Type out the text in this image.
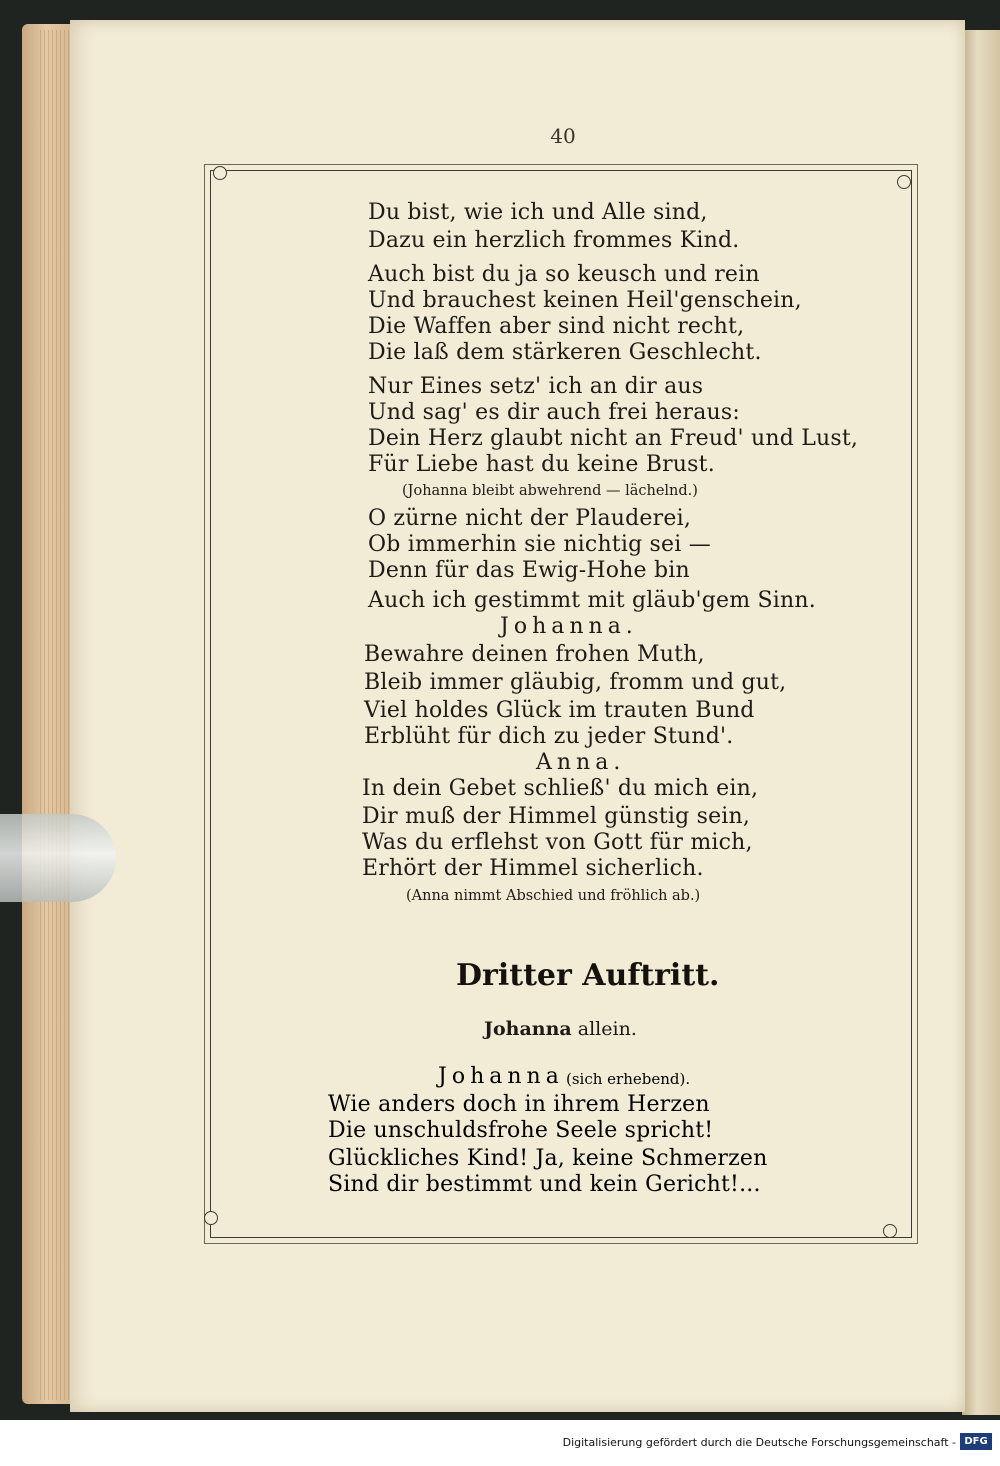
40
Du bist, wie ich und Alle sind,
Dazu ein herzlich frommes Kind.
Auch bist du ja so keusch und rein
Und brauchest keinen Heil'genschein,
Die Waffen aber sind nicht recht,
Die laß dem stärkeren Geschlecht.
Nur Eines setz' ich an dir aus
Und sag' es dir auch frei heraus:
Dein Herz glaubt nicht an Freud' und Lust,
Für Liebe hast du keine Brust.
(Johanna bleibt abwehrend — lächelnd.)
O zürne nicht der Plauderei,
Ob immerhin sie nichtig sei —
Denn für das Ewig-Hohe bin
Auch ich gestimmt mit gläub'gem Sinn.
Johanna.
Bewahre deinen frohen Muth,
Bleib immer gläubig, fromm und gut,
Viel holdes Glück im trauten Bund
Erblüht für dich zu jeder Stund'.
Anna.
In dein Gebet schließ' du mich ein,
Dir muß der Himmel günstig sein,
Was du erflehst von Gott für mich,
Erhört der Himmel sicherlich.
(Anna nimmt Abschied und fröhlich ab.)
Dritter Auftritt.
Johanna allein.
Johanna (sich erhebend).
Wie anders doch in ihrem Herzen
Die unschuldsfrohe Seele spricht!
Glückliches Kind! Ja, keine Schmerzen
Sind dir bestimmt und kein Gericht!...
Digitalisierung gefördert durch die Deutsche Forschungsgemeinschaft - DFG
